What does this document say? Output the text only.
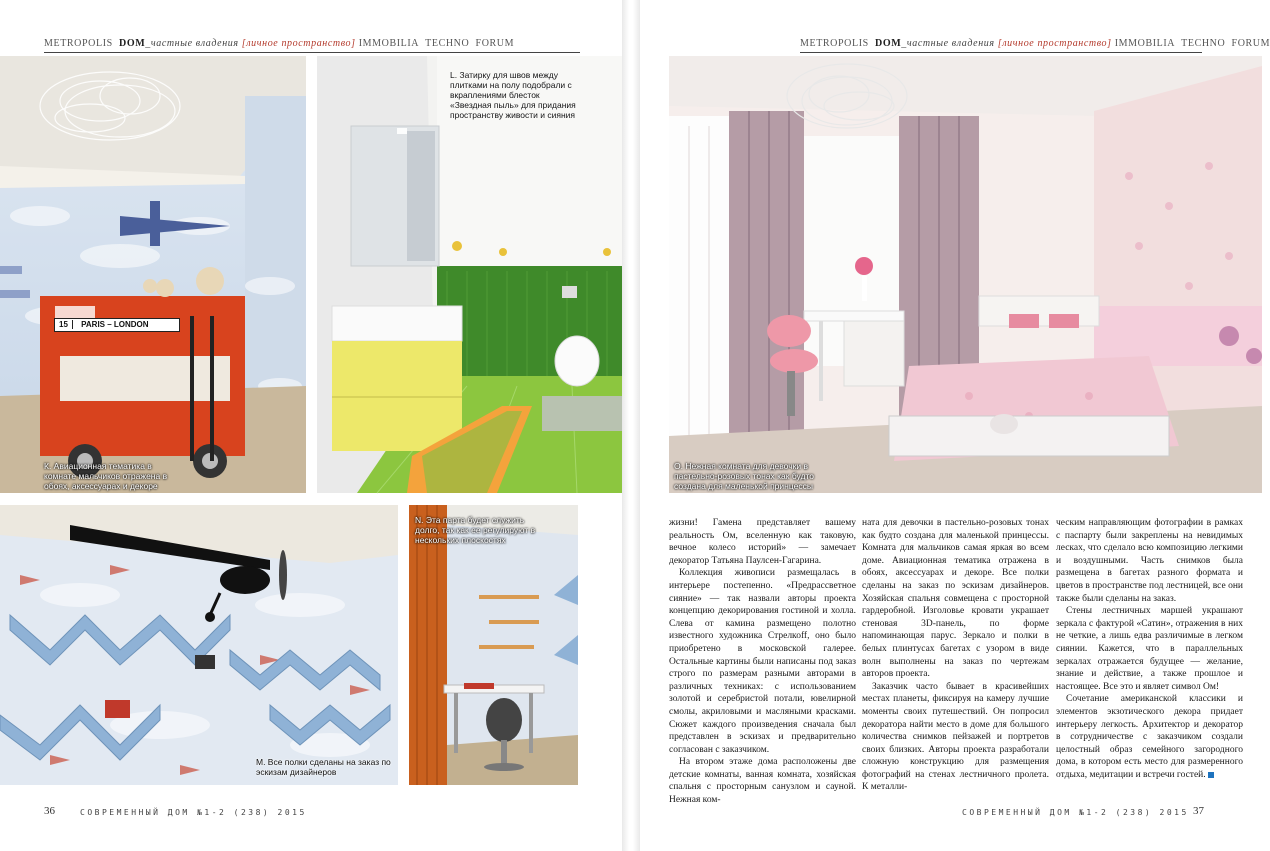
METROPOLIS DOM_частные владения [личное пространство] IMMOBILIA TECHNO FORUM
15 PARIS – LONDON
К. Авиационная тематика в комнате мальчиков отражена в обоях, аксессуарах и декоре
L. Затирку для швов между плитками на полу подобрали с вкраплениями блесток «Звездная пыль» для придания пространству живости и сияния
M. Все полки сделаны на заказ по эскизам дизайнеров
N. Эта парта будет служить долго, так как ее регулируют в нескольких плоскостях
36	СОВРЕМЕННЫЙ ДОМ №1-2 (238) 2015
METROPOLIS DOM_частные владения [личное пространство] IMMOBILIA TECHNO FORUM
O. Нежная комната для девочки в пастельно-розовых тонах как будто создана для маленькой принцессы

жизни! Гамена представляет вашему реальность Ом, вселенную как таковую, вечное колесо историй» — замечает декоратор Татьяна Паулсен-Гагарина.

Коллекция живописи размещалась в интерьере постепенно. «Предрассветное сияние» — так назвали авторы проекта концепцию декорирования гостиной и холла. Слева от камина размещено полотно известного художника Стрелкоff, оно было приобретено в московской галерее. Остальные картины были написаны под заказ строго по размерам разными авторами в различных техниках: с использованием золотой и серебристой потали, ювелирной смолы, акриловыми и масляными красками. Сюжет каждого произведения сначала был представлен в эскизах и предварительно согласован с заказчиком.

На втором этаже дома расположены две детские комнаты, ванная комната, хозяйская спальня с просторным санузлом и сауной. Нежная ком-

ната для девочки в пастельно-розовых тонах как будто создана для маленькой принцессы. Комната для мальчиков самая яркая во всем доме. Авиационная тематика отражена в обоях, аксессуарах и декоре. Все полки сделаны на заказ по эскизам дизайнеров. Хозяйская спальня совмещена с просторной гардеробной. Изголовье кровати украшает стеновая 3D-панель, по форме напоминающая парус. Зеркало и полки в белых плинтусах багетах с узором в виде волн выполнены на заказ по чертежам авторов проекта.

Заказчик часто бывает в красивейших местах планеты, фиксируя на камеру лучшие моменты своих путешествий. Он попросил декоратора найти место в доме для большого количества снимков пейзажей и портретов своих близких. Авторы проекта разработали сложную конструкцию для размещения фотографий на стенах лестничного пролета. К металли-

ческим направляющим фотографии в рамках с паспарту были закреплены на невидимых лесках, что сделало всю композицию легкими и воздушными. Часть снимков была размещена в багетах разного формата и цветов в пространстве под лестницей, все они также были сделаны на заказ.

Стены лестничных маршей украшают зеркала с фактурой «Сатин», отражения в них не четкие, а лишь едва различимые в легком сиянии. Кажется, что в параллельных зеркалах отражается будущее — желание, знание и действие, а также прошлое и настоящее. Все это и являет символ Ом!

Сочетание американской классики и элементов экзотического декора придает интерьеру легкость. Архитектор и декоратор в сотрудничестве с заказчиком создали целостный образ семейного загородного дома, в котором есть место для размеренного отдыха, медитации и встречи гостей.

СОВРЕМЕННЫЙ ДОМ №1-2 (238) 2015 37
